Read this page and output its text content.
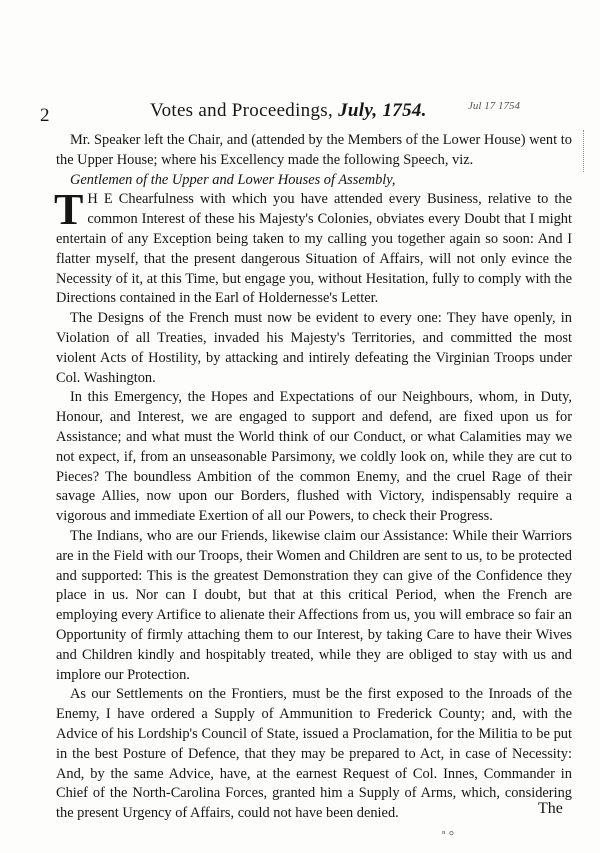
2	Votes and Proceedings, July, 1754.	Jul 17 1754

Mr. Speaker left the Chair, and (attended by the Members of the Lower House) went to the Upper House; where his Excellency made the following Speech, viz.

Gentlemen of the Upper and Lower Houses of Assembly,

T H E Chearfulness with which you have attended every Business, relative to the common Interest of these his Majesty's Colonies, obviates every Doubt that I might entertain of any Exception being taken to my calling you together again so soon: And I flatter myself, that the present dangerous Situation of Affairs, will not only evince the Necessity of it, at this Time, but engage you, without Hesitation, fully to comply with the Directions contained in the Earl of Holdernesse's Letter.

The Designs of the French must now be evident to every one: They have openly, in Violation of all Treaties, invaded his Majesty's Territories, and committed the most violent Acts of Hostility, by attacking and intirely defeating the Virginian Troops under Col. Washington.

In this Emergency, the Hopes and Expectations of our Neighbours, whom, in Duty, Honour, and Interest, we are engaged to support and defend, are fixed upon us for Assistance; and what must the World think of our Conduct, or what Calamities may we not expect, if, from an unseasonable Parsimony, we coldly look on, while they are cut to Pieces? The boundless Ambition of the common Enemy, and the cruel Rage of their savage Allies, now upon our Borders, flushed with Victory, indispensably require a vigorous and immediate Exertion of all our Powers, to check their Progress.

The Indians, who are our Friends, likewise claim our Assistance: While their Warriors are in the Field with our Troops, their Women and Children are sent to us, to be protected and supported: This is the greatest Demonstration they can give of the Confidence they place in us. Nor can I doubt, but that at this critical Period, when the French are employing every Artifice to alienate their Affections from us, you will embrace so fair an Opportunity of firmly attaching them to our Interest, by taking Care to have their Wives and Children kindly and hospitably treated, while they are obliged to stay with us and implore our Protection.

As our Settlements on the Frontiers, must be the first exposed to the Inroads of the Enemy, I have ordered a Supply of Ammunition to Frederick County; and, with the Advice of his Lordship's Council of State, issued a Proclamation, for the Militia to be put in the best Posture of Defence, that they may be prepared to Act, in case of Necessity: And, by the same Advice, have, at the earnest Request of Col. Innes, Commander in Chief of the North-Carolina Forces, granted him a Supply of Arms, which, considering the present Urgency of Affairs, could not have been denied.	The
ⁿ ⸰
